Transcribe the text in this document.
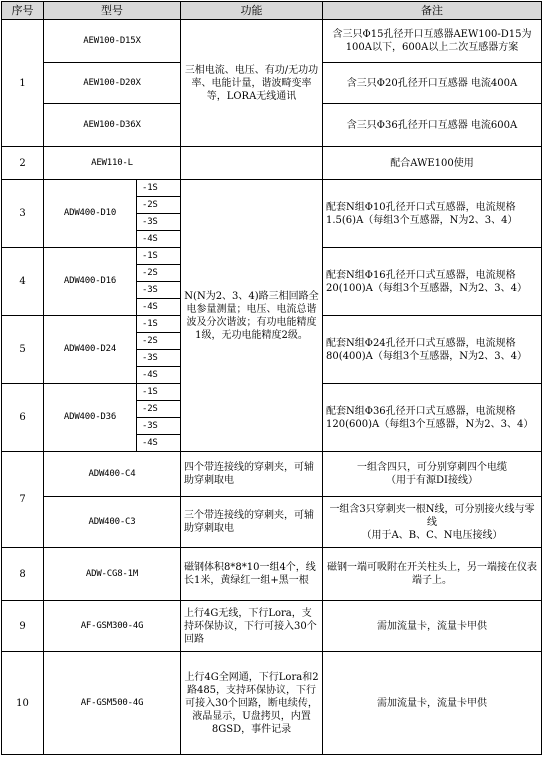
序号	型号		功能	备注
1	AEW100-D15X		三相电流、电压、有功/无功功率、电能计量，谐波畸变率等，LORA无线通讯	含三只Φ15孔径开口互感器AEW100-D15为100A以下，600A以上二次互感器方案

	AEW100-D20X			含三只Φ20孔径开口互感器 电流400A

	AEW100-D36X			含三只Φ36孔径开口互感器 电流600A

2	AEW110-L			配合AWE100使用
3	ADW400-D10	-1S	N(N为2、3、4)路三相回路全电参量测量；电压、电流总谐波及分次谐波；有功电能精度1级，无功电能精度2级。	配套N组Φ10孔径开口式互感器，电流规格1.5(6)A（每组3个互感器，N为2、3、4）
		-2S		
		-3S		
		-4S		
4	ADW400-D16	-1S		配套N组Φ16孔径开口式互感器，电流规格20(100)A（每组3个互感器，N为2、3、4）
		-2S		
		-3S		
		-4S		
5	ADW400-D24	-1S		配套N组Φ24孔径开口式互感器，电流规格80(400)A（每组3个互感器，N为2、3、4）
		-2S		
		-3S		
		-4S		
6	ADW400-D36	-1S		配套N组Φ36孔径开口式互感器，电流规格120(600)A（每组3个互感器，N为2、3、4）
		-2S		
		-3S		
		-4S		
7	ADW400-C4		四个带连接线的穿刺夹，可辅助穿刺取电	一组含四只，可分别穿刺四个电缆
（用于有源DI接线）

	ADW400-C3		三个带连接线的穿刺夹，可辅助穿刺取电	一组含3只穿刺夹一根N线，可分别接火线与零线
（用于A、B、C、N电压接线）

8	ADW-CG8-1M		磁钢体积8*8*10一组4个，线长1米，黄绿红一组+黑一根	磁钢一端可吸附在开关柱头上，另一端接在仪表端子上。
9	AF-GSM300-4G		上行4G无线，下行Lora，支持环保协议，下行可接入30个回路	需加流量卡，流量卡甲供
10	AF-GSM500-4G		上行4G全网通，下行Lora和2路485，支持环保协议，下行可接入30个回路，断电续传，液晶显示，U盘拷贝，内置8GSD，事件记录	需加流量卡，流量卡甲供
